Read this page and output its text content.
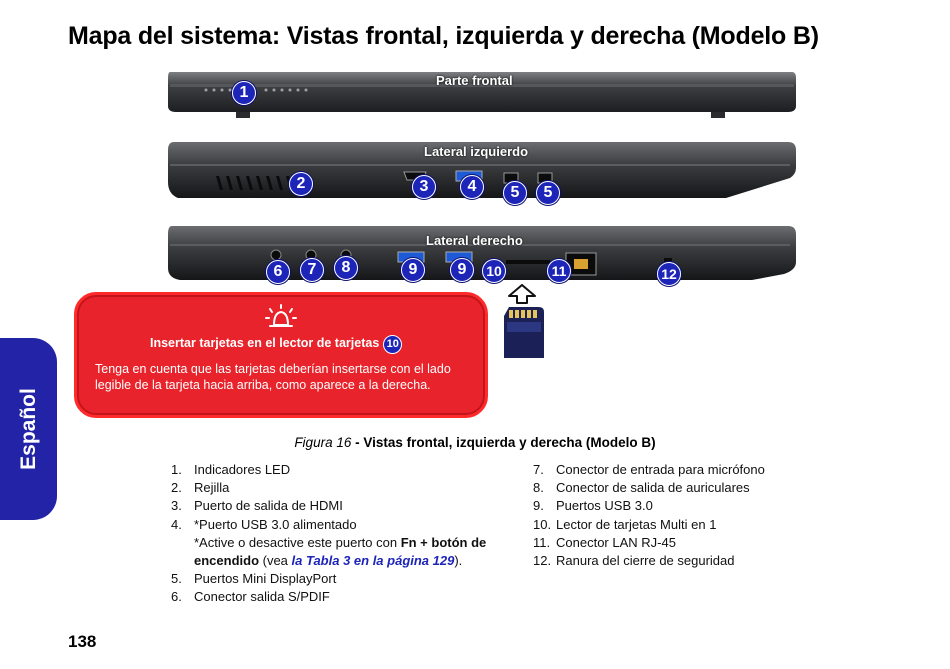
Mapa del sistema: Vistas frontal, izquierda y derecha (Modelo B)
Español
Parte frontal
1
Lateral izquierdo
2	3	4	5	5
Lateral derecho
6	7	8	9	9	10	11	12
Insertar tarjetas en el lector de tarjetas 10
Tenga en cuenta que las tarjetas deberían insertarse con el lado legible de la tarjeta hacia arriba, como aparece a la derecha.
Figura 16 - Vistas frontal, izquierda y derecha (Modelo B)
1. Indicadores LED
2. Rejilla
3. Puerto de salida de HDMI
4. *Puerto USB 3.0 alimentado
*Active o desactive este puerto con Fn + botón de
encendido (vea la Tabla 3 en la página 129).
5. Puertos Mini DisplayPort
6. Conector salida S/PDIF
7. Conector de entrada para micrófono
8. Conector de salida de auriculares
9. Puertos USB 3.0
10. Lector de tarjetas Multi en 1
11. Conector LAN RJ-45
12. Ranura del cierre de seguridad
138
